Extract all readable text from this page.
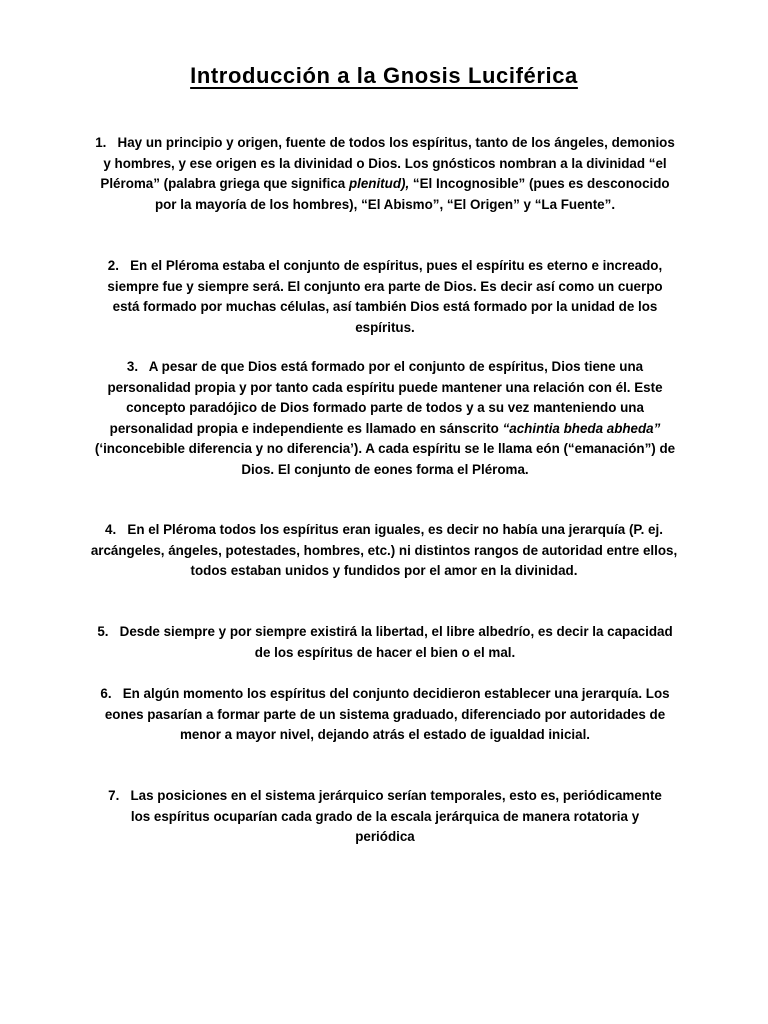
Introducción a la Gnosis Luciférica

1. Hay un principio y origen, fuente de todos los espíritus, tanto de los ángeles, demonios y hombres, y ese origen es la divinidad o Dios. Los gnósticos nombran a la divinidad “el Pléroma” (palabra griega que significa plenitud), “El Incognosible” (pues es desconocido por la mayoría de los hombres), “El Abismo”, “El Origen” y “La Fuente”.

2. En el Pléroma estaba el conjunto de espíritus, pues el espíritu es eterno e increado, siempre fue y siempre será. El conjunto era parte de Dios. Es decir así como un cuerpo está formado por muchas células, así también Dios está formado por la unidad de los espíritus.

3. A pesar de que Dios está formado por el conjunto de espíritus, Dios tiene una personalidad propia y por tanto cada espíritu puede mantener una relación con él. Este concepto paradójico de Dios formado parte de todos y a su vez manteniendo una personalidad propia e independiente es llamado en sánscrito “achintia bheda abheda” (‘inconcebible diferencia y no diferencia’). A cada espíritu se le llama eón (“emanación”) de Dios. El conjunto de eones forma el Pléroma.

4. En el Pléroma todos los espíritus eran iguales, es decir no había una jerarquía (P. ej. arcángeles, ángeles, potestades, hombres, etc.) ni distintos rangos de autoridad entre ellos, todos estaban unidos y fundidos por el amor en la divinidad.

5. Desde siempre y por siempre existirá la libertad, el libre albedrío, es decir la capacidad de los espíritus de hacer el bien o el mal.

6. En algún momento los espíritus del conjunto decidieron establecer una jerarquía. Los eones pasarían a formar parte de un sistema graduado, diferenciado por autoridades de menor a mayor nivel, dejando atrás el estado de igualdad inicial.

7. Las posiciones en el sistema jerárquico serían temporales, esto es, periódicamente los espíritus ocuparían cada grado de la escala jerárquica de manera rotatoria y periódica
